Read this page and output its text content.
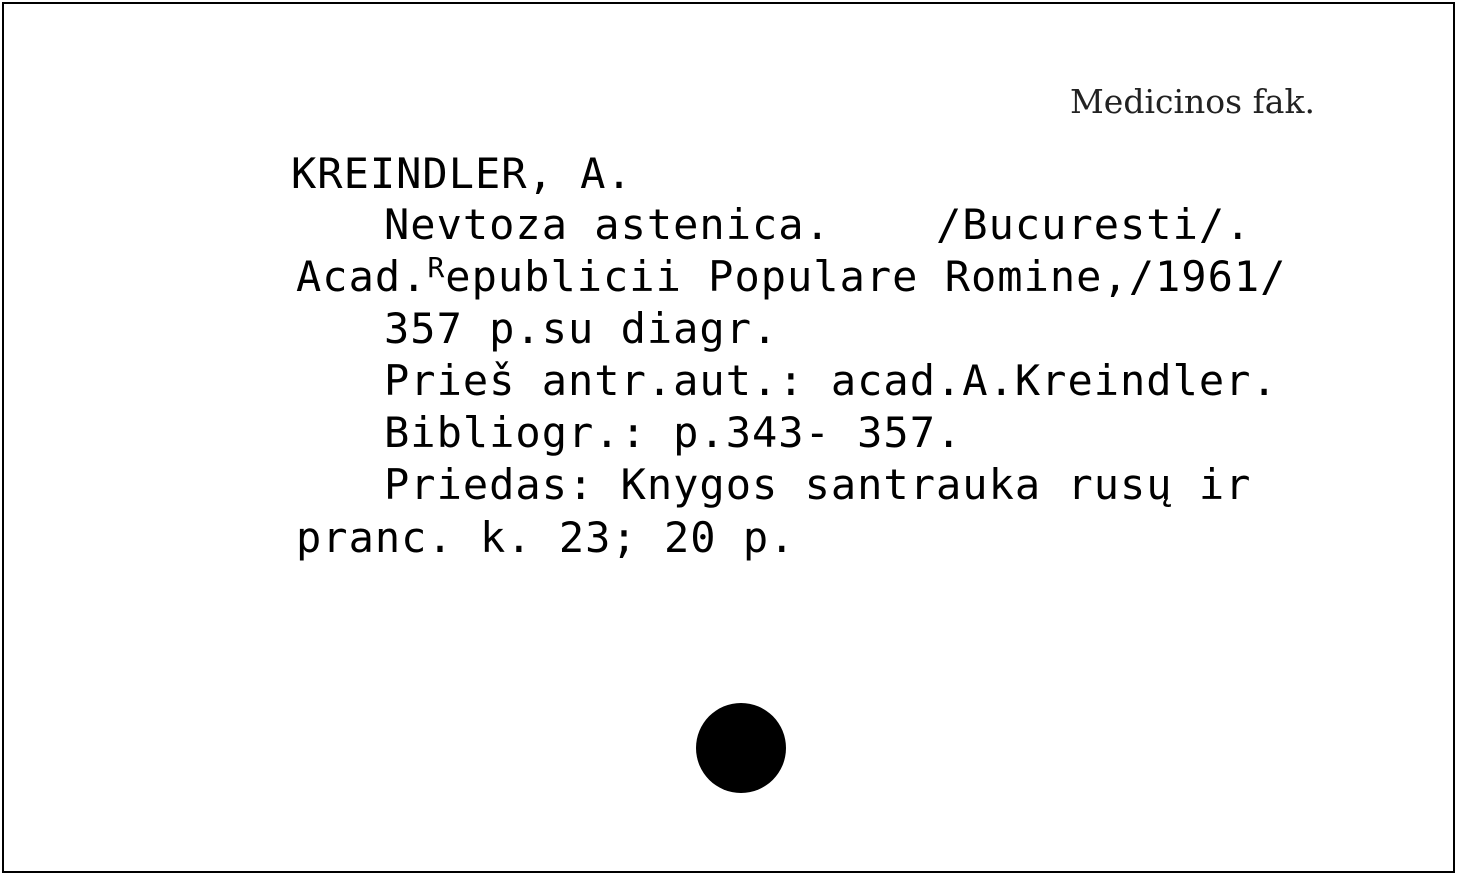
Medicinos fak.
KREINDLER, A.
Nevtoza astenica.    /Bucuresti/.
Acad.$^R$epublicii Populare Romine,/1961/
357 p.su diagr.
Prieš antr.aut.: acad.A.Kreindler.
Bibliogr.: p.343- 357.
Priedas: Knygos santrauka rusų ir
pranc. k. 23; 20 p.
